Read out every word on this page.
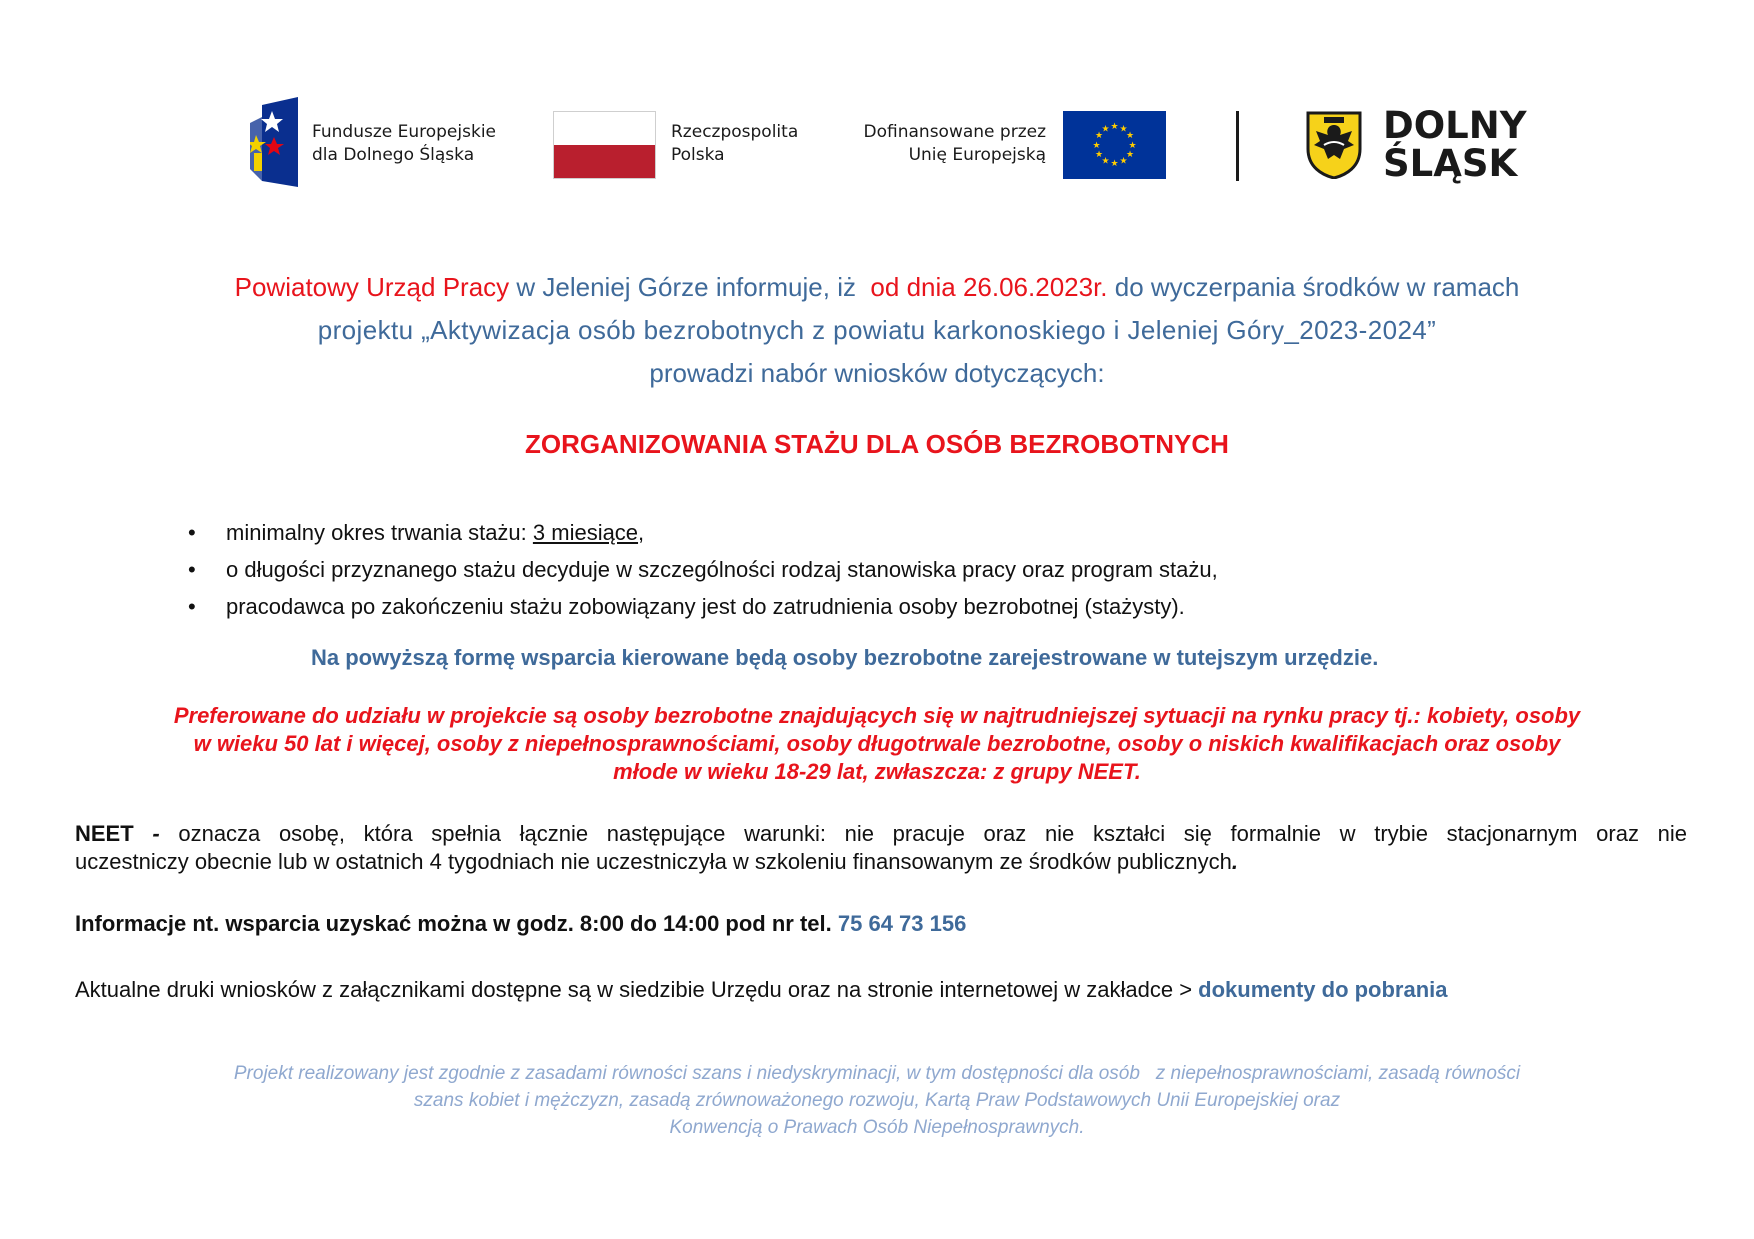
Fundusze Europejskie
dla Dolnego Śląska
Rzeczpospolita
Polska
Dofinansowane przez
Unię Europejską
★ ★
★
★
★
★
★
★
★
★
★
★	DOLNY
ŚLĄSK
Powiatowy Urząd Pracy w Jeleniej Górze informuje, iż  od dnia 26.06.2023r. do wyczerpania środków w ramach
projektu „Aktywizacja osób bezrobotnych z powiatu karkonoskiego i Jeleniej Góry_2023-2024”
prowadzi nabór wniosków dotyczących:
ZORGANIZOWANIA STAŻU DLA OSÓB BEZROBOTNYCH
• minimalny okres trwania stażu: 3 miesiące,
• o długości przyznanego stażu decyduje w szczególności rodzaj stanowiska pracy oraz program stażu,
• pracodawca po zakończeniu stażu zobowiązany jest do zatrudnienia osoby bezrobotnej (stażysty).
Na powyższą formę wsparcia kierowane będą osoby bezrobotne zarejestrowane w tutejszym urzędzie.
Preferowane do udziału w projekcie są osoby bezrobotne znajdujących się w najtrudniejszej sytuacji na rynku pracy tj.: kobiety, osoby
w wieku 50 lat i więcej, osoby z niepełnosprawnościami, osoby długotrwale bezrobotne, osoby o niskich kwalifikacjach oraz osoby
młode w wieku 18-29 lat, zwłaszcza: z grupy NEET.
NEET - oznacza osobę, która spełnia łącznie następujące warunki: nie pracuje oraz nie kształci się formalnie w trybie stacjonarnym oraz nie
uczestniczy obecnie lub w ostatnich 4 tygodniach nie uczestniczyła w szkoleniu finansowanym ze środków publicznych.
Informacje nt. wsparcia uzyskać można w godz. 8:00 do 14:00 pod nr tel. 75 64 73 156
Aktualne druki wniosków z załącznikami dostępne są w siedzibie Urzędu oraz na stronie internetowej w zakładce > dokumenty do pobrania
Projekt realizowany jest zgodnie z zasadami równości szans i niedyskryminacji, w tym dostępności dla osób   z niepełnosprawnościami, zasadą równości
szans kobiet i mężczyzn, zasadą zrównoważonego rozwoju, Kartą Praw Podstawowych Unii Europejskiej oraz
Konwencją o Prawach Osób Niepełnosprawnych.
